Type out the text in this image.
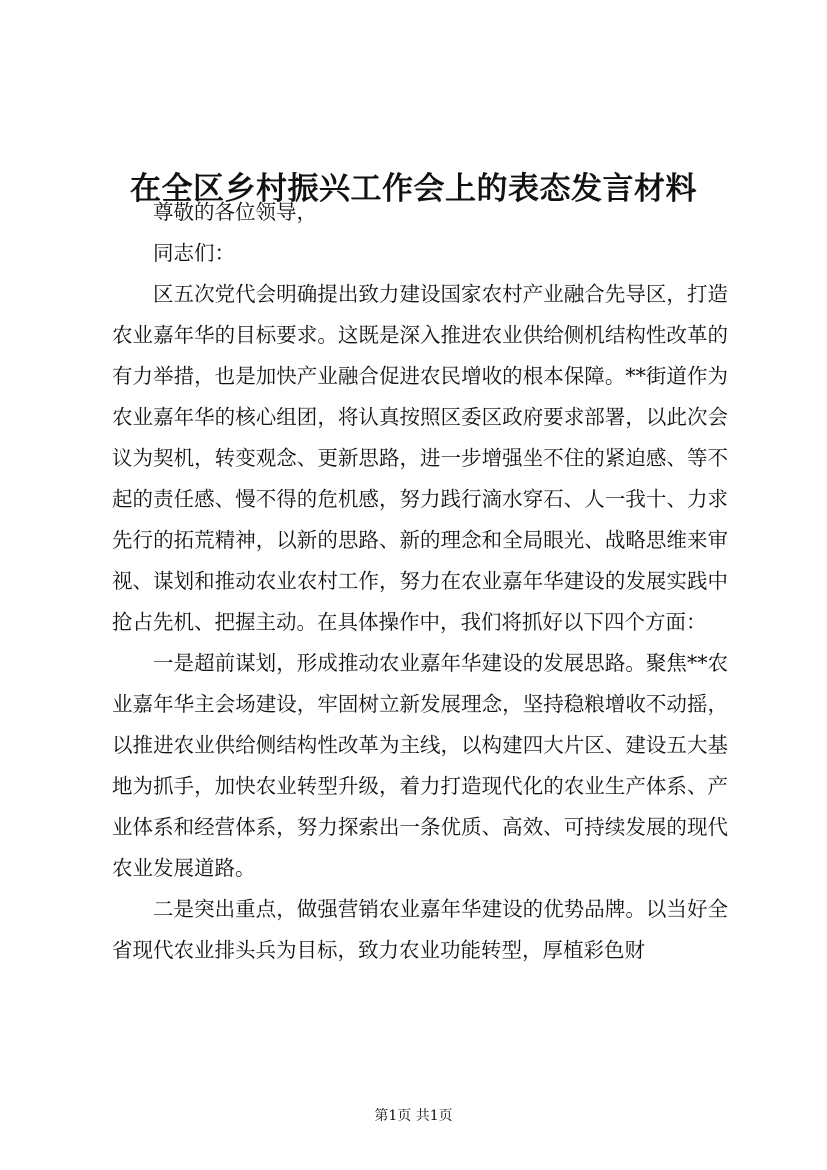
在全区乡村振兴工作会上的表态发言材料

尊敬的各位领导，

同志们：

区五次党代会明确提出致力建设国家农村产业融合先导区，打造农业嘉年华的目标要求。这既是深入推进农业供给侧机结构性改革的有力举措，也是加快产业融合促进农民增收的根本保障。**街道作为农业嘉年华的核心组团，将认真按照区委区政府要求部署，以此次会议为契机，转变观念、更新思路，进一步增强坐不住的紧迫感、等不起的责任感、慢不得的危机感，努力践行滴水穿石、人一我十、力求先行的拓荒精神，以新的思路、新的理念和全局眼光、战略思维来审视、谋划和推动农业农村工作，努力在农业嘉年华建设的发展实践中抢占先机、把握主动。在具体操作中，我们将抓好以下四个方面：

一是超前谋划，形成推动农业嘉年华建设的发展思路。聚焦**农业嘉年华主会场建设，牢固树立新发展理念，坚持稳粮增收不动摇，以推进农业供给侧结构性改革为主线，以构建四大片区、建设五大基地为抓手，加快农业转型升级，着力打造现代化的农业生产体系、产业体系和经营体系，努力探索出一条优质、高效、可持续发展的现代农业发展道路。

二是突出重点，做强营销农业嘉年华建设的优势品牌。以当好全省现代农业排头兵为目标，致力农业功能转型，厚植彩色财

第1页 共1页
